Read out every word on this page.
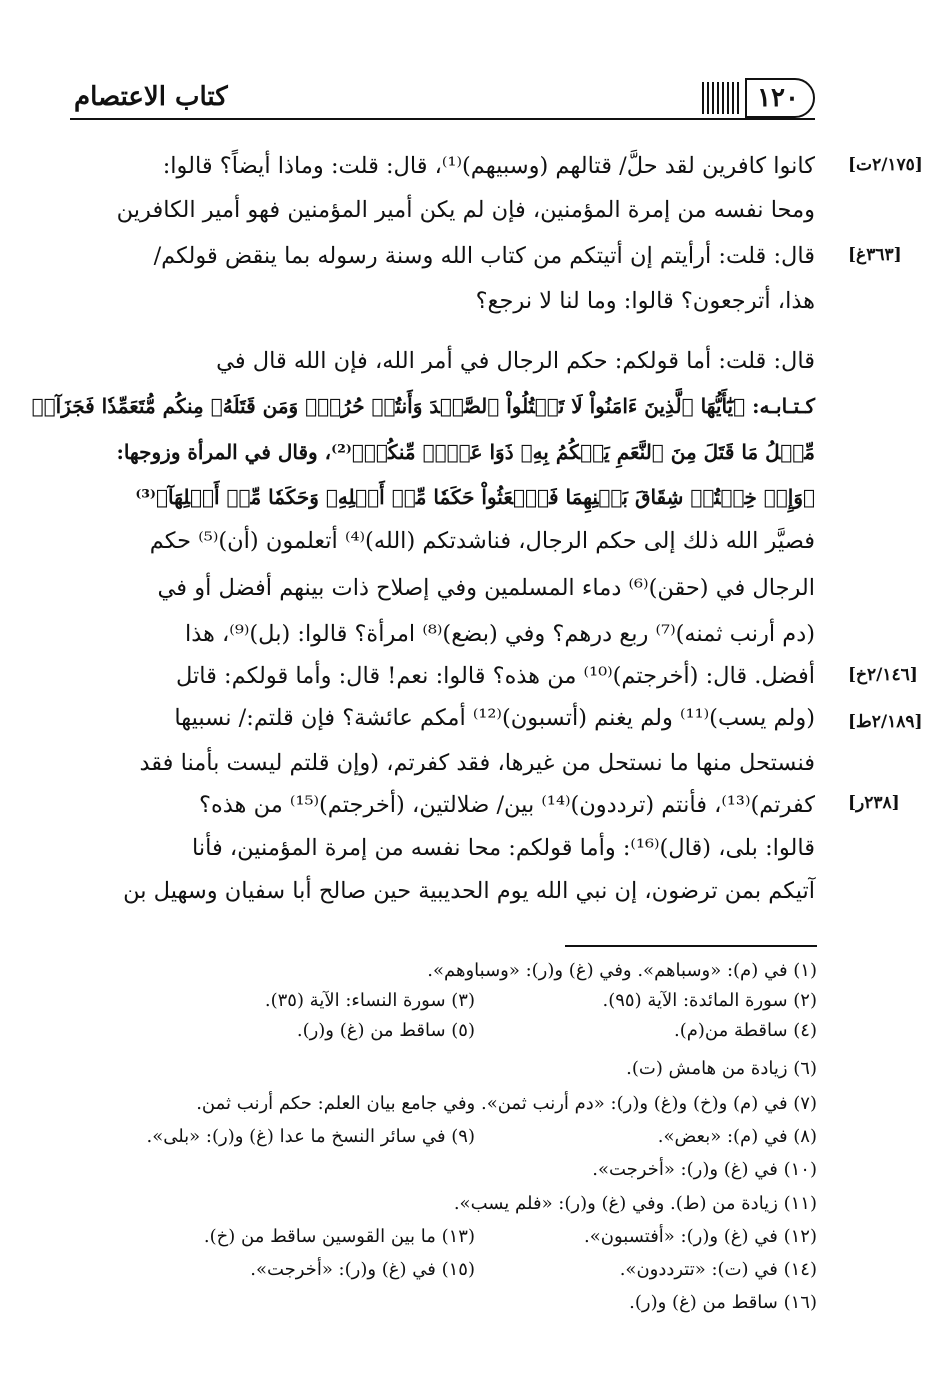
كتاب الاعتصام	١٢٠
[٢/١٧٥ت]
[٣٦٣غ]
[٢/١٤٦خ]
[٢/١٨٩ط]
[٢٣٨ر]
كانوا كافرين لقد حلَّ/ قتالهم (وسبيهم)⁽¹⁾، قال: قلت: وماذا أيضاً؟ قالوا:
ومحا نفسه من إمرة المؤمنين، فإن لم يكن أمير المؤمنين فهو أمير الكافرين
قال: قلت: أرأيتم إن أتيتكم من كتاب الله وسنة رسوله بما ينقض قولكم/
هذا، أترجعون؟ قالوا: وما لنا لا نرجع؟
قال: قلت: أما قولكم: حكم الرجال في أمر الله، فإن الله قال في
كـتـابـه: ﴿يَٰٓأَيُّهَا ٱلَّذِينَ ءَامَنُواْ لَا تَقۡتُلُواْ ٱلصَّيۡدَ وَأَنتُمۡ حُرُمٞۚ وَمَن قَتَلَهُۥ مِنكُم مُّتَعَمِّدٗا فَجَزَآءٞ
مِّثۡلُ مَا قَتَلَ مِنَ ٱلنَّعَمِ يَحۡكُمُ بِهِۦ ذَوَا عَدۡلٖ مِّنكُمۡ﴾⁽²⁾، وقال في المرأة وزوجها:
﴿وَإِنۡ خِفۡتُمۡ شِقَاقَ بَيۡنِهِمَا فَٱبۡعَثُواْ حَكَمٗا مِّنۡ أَهۡلِهِۦ وَحَكَمٗا مِّنۡ أَهۡلِهَآ﴾⁽³⁾
فصيَّر الله ذلك إلى حكم الرجال، فناشدتكم (الله)⁽⁴⁾ أتعلمون (أن)⁽⁵⁾ حكم
الرجال في (حقن)⁽⁶⁾ دماء المسلمين وفي إصلاح ذات بينهم أفضل أو في
(دم أرنب ثمنه)⁽⁷⁾ ربع درهم؟ وفي (بضع)⁽⁸⁾ امرأة؟ قالوا: (بل)⁽⁹⁾، هذا
أفضل. قال: (أخرجتم)⁽¹⁰⁾ من هذه؟ قالوا: نعم! قال: وأما قولكم: قاتل
(ولم يسب)⁽¹¹⁾ ولم يغنم (أتسبون)⁽¹²⁾ أمكم عائشة؟ فإن قلتم:/ نسبيها
فنستحل منها ما نستحل من غيرها، فقد كفرتم، (وإن قلتم ليست بأمنا فقد
كفرتم)⁽¹³⁾، فأنتم (ترددون)⁽¹⁴⁾ بين/ ضلالتين، (أخرجتم)⁽¹⁵⁾ من هذه؟
قالوا: بلى، (قال)⁽¹⁶⁾: وأما قولكم: محا نفسه من إمرة المؤمنين، فأنا
آتيكم بمن ترضون، إن نبي الله يوم الحديبية حين صالح أبا سفيان وسهيل بن
(١) في (م): «وسباهم». وفي (غ) و(ر): «وسباوهم».
(٢) سورة المائدة: الآية (٩٥).
(٣) سورة النساء: الآية (٣٥).
(٤) ساقطة من(م).
(٥) ساقط من (غ) و(ر).
(٦) زيادة من هامش (ت).
(٧) في (م) و(خ) و(غ) و(ر): «دم أرنب ثمن». وفي جامع بيان العلم: حكم أرنب ثمن.
(٨) في (م): «بعض».
(٩) في سائر النسخ ما عدا (غ) و(ر): «بلى».
(١٠) في (غ) و(ر): «أخرجت».
(١١) زيادة من (ط). وفي (غ) و(ر): «فلم يسب».
(١٢) في (غ) و(ر): «أفتسبون».
(١٣) ما بين القوسين ساقط من (خ).
(١٤) في (ت): «تترددون».
(١٥) في (غ) و(ر): «أخرجت».
(١٦) ساقط من (غ) و(ر).
